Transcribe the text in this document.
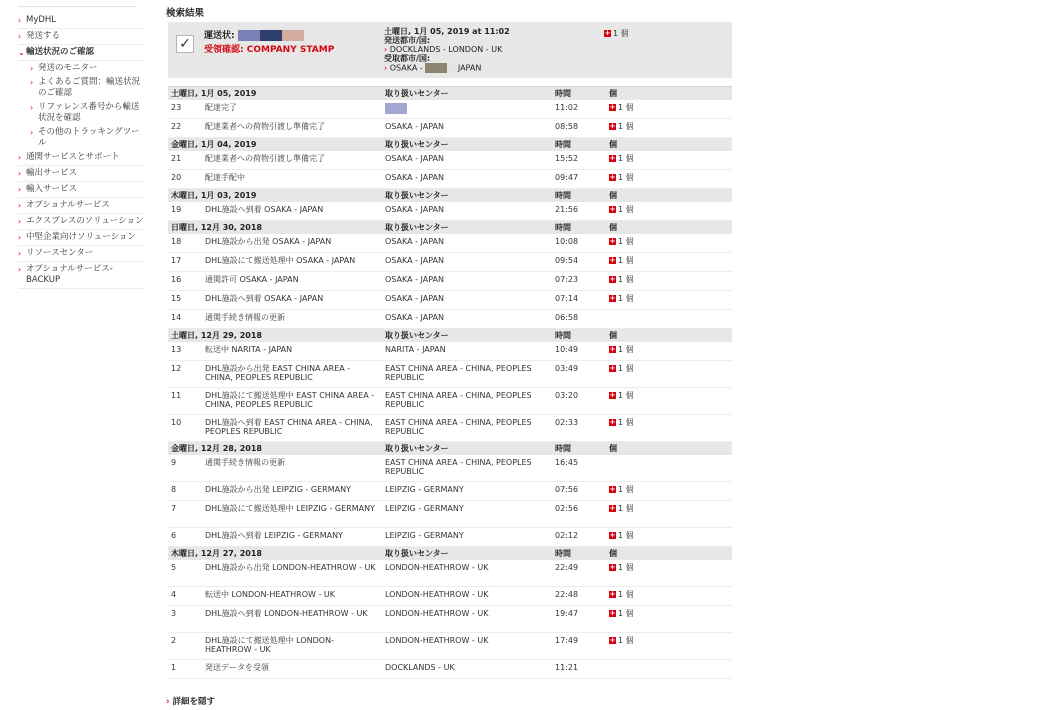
› MyDHL
› 発送する
⌄ 輸送状況のご確認
› 発送のモニター
› よくあるご質問：輸送状況のご確認
› リファレンス番号から輸送状況を確認
› その他のトラッキングツール
› 通関サービスとサポート
› 輸出サービス
› 輸入サービス
› オプショナルサービス
› エクスプレスのソリューション
› 中堅企業向けソリューション
› リソースセンター
› オプショナルサービス-BACKUP
検索結果
✓	運送状:
受領確認: COMPANY STAMP
土曜日, 1月 05, 2019 at 11:02
発送都市/国:
› DOCKLANDS - LONDON - UK
受取都市/国:
› OSAKA -	JAPAN
+ 1 個
土曜日, 1月 05, 2019		取り扱いセンター	時間	個
23	配達完了		11:02	+ 1 個
22	配達業者への荷物引渡し準備完了	OSAKA - JAPAN	08:58	+ 1 個
金曜日, 1月 04, 2019		取り扱いセンター	時間	個
21	配達業者への荷物引渡し準備完了	OSAKA - JAPAN	15:52	+ 1 個
20	配達手配中	OSAKA - JAPAN	09:47	+ 1 個
木曜日, 1月 03, 2019		取り扱いセンター	時間	個
19	DHL施設へ到着 OSAKA - JAPAN	OSAKA - JAPAN	21:56	+ 1 個
日曜日, 12月 30, 2018		取り扱いセンター	時間	個
18	DHL施設から出発 OSAKA - JAPAN	OSAKA - JAPAN	10:08	+ 1 個
17	DHL施設にて搬送処理中 OSAKA - JAPAN	OSAKA - JAPAN	09:54	+ 1 個
16	通関許可 OSAKA - JAPAN	OSAKA - JAPAN	07:23	+ 1 個
15	DHL施設へ到着 OSAKA - JAPAN	OSAKA - JAPAN	07:14	+ 1 個
14	通関手続き情報の更新	OSAKA - JAPAN	06:58	
土曜日, 12月 29, 2018		取り扱いセンター	時間	個
13	転送中 NARITA - JAPAN	NARITA - JAPAN	10:49	+ 1 個
12	DHL施設から出発 EAST CHINA AREA - CHINA, PEOPLES REPUBLIC	EAST CHINA AREA - CHINA, PEOPLES REPUBLIC	03:49	+ 1 個
11	DHL施設にて搬送処理中 EAST CHINA AREA - CHINA, PEOPLES REPUBLIC	EAST CHINA AREA - CHINA, PEOPLES REPUBLIC	03:20	+ 1 個
10	DHL施設へ到着 EAST CHINA AREA - CHINA, PEOPLES REPUBLIC	EAST CHINA AREA - CHINA, PEOPLES REPUBLIC	02:33	+ 1 個
金曜日, 12月 28, 2018		取り扱いセンター	時間	個
9	通関手続き情報の更新	EAST CHINA AREA - CHINA, PEOPLES REPUBLIC	16:45	
8	DHL施設から出発 LEIPZIG - GERMANY	LEIPZIG - GERMANY	07:56	+ 1 個
7	DHL施設にて搬送処理中 LEIPZIG - GERMANY	LEIPZIG - GERMANY	02:56	+ 1 個
6	DHL施設へ到着 LEIPZIG - GERMANY	LEIPZIG - GERMANY	02:12	+ 1 個
木曜日, 12月 27, 2018		取り扱いセンター	時間	個
5	DHL施設から出発 LONDON-HEATHROW - UK	LONDON-HEATHROW - UK	22:49	+ 1 個
4	転送中 LONDON-HEATHROW - UK	LONDON-HEATHROW - UK	22:48	+ 1 個
3	DHL施設へ到着 LONDON-HEATHROW - UK	LONDON-HEATHROW - UK	19:47	+ 1 個
2	DHL施設にて搬送処理中 LONDON-HEATHROW - UK	LONDON-HEATHROW - UK	17:49	+ 1 個
1	発送データを受領	DOCKLANDS - UK	11:21	
› 詳細を隠す
